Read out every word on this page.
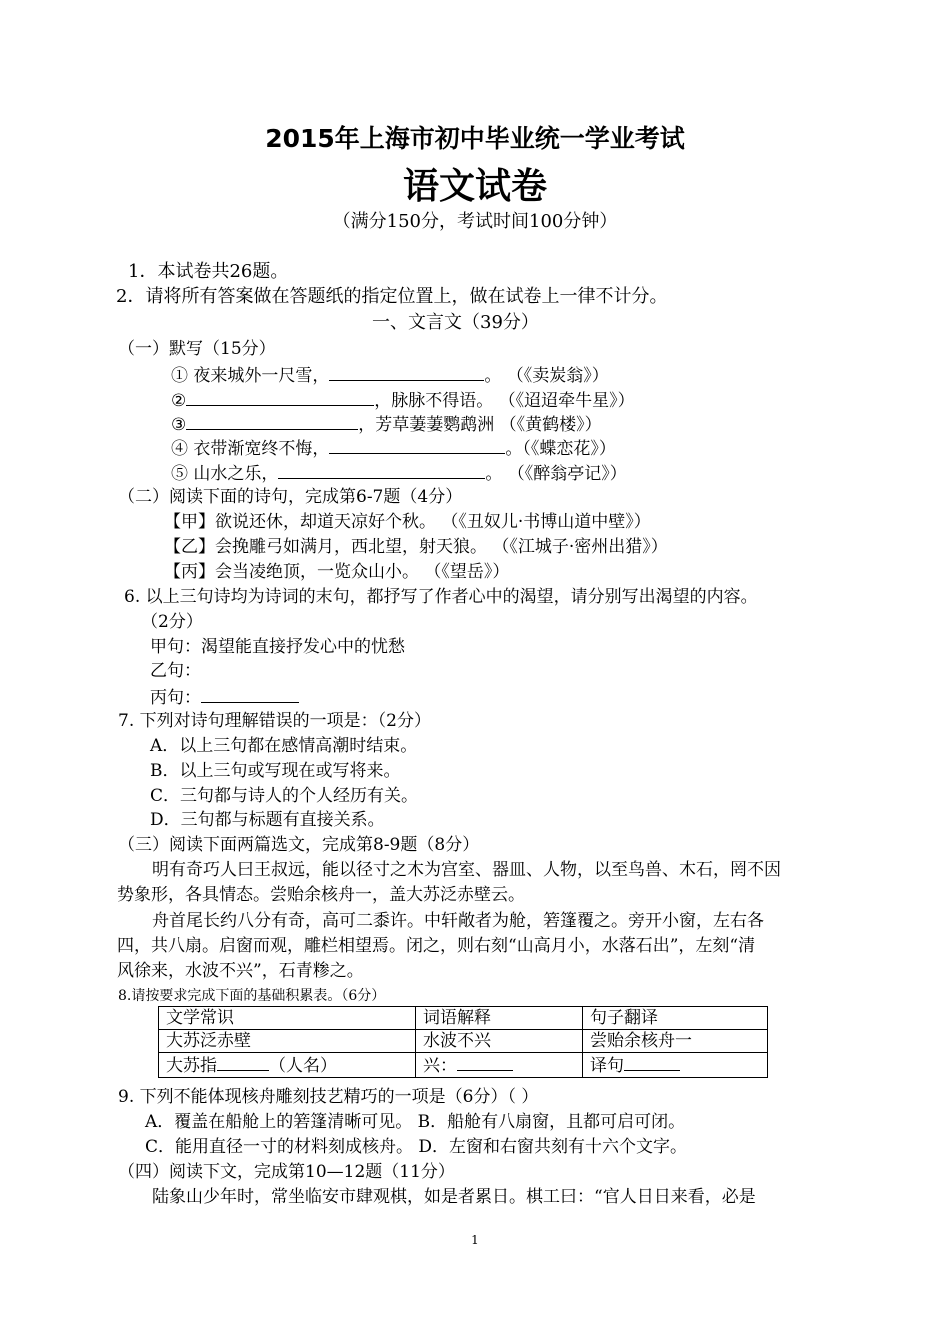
2015年上海市初中毕业统一学业考试
语文试卷
（满分150分，考试时间100分钟）
1．本试卷共26题。
2．请将所有答案做在答题纸的指定位置上，做在试卷上一律不计分。
一、文言文（39分）
（一）默写（15分）
① 夜来城外一尺雪，	。 （《卖炭翁》）
②	，脉脉不得语。 （《迢迢牵牛星》）
③	，芳草萋萋鹦鹉洲 （《黄鹤楼》）
④ 衣带渐宽终不悔，	。（《蝶恋花》）
⑤ 山水之乐，	。 （《醉翁亭记》）
（二）阅读下面的诗句，完成第6-7题（4分）
【甲】欲说还休，却道天凉好个秋。 （《丑奴儿·书博山道中壁》）
【乙】会挽雕弓如满月，西北望，射天狼。 （《江城子·密州出猎》）
【丙】会当凌绝顶，一览众山小。 （《望岳》）
6. 以上三句诗均为诗词的末句，都抒写了作者心中的渴望，请分别写出渴望的内容。
（2分）
甲句：渴望能直接抒发心中的忧愁
乙句：
丙句：
7. 下列对诗句理解错误的一项是：（2分）
A．以上三句都在感情高潮时结束。
B．以上三句或写现在或写将来。
C．三句都与诗人的个人经历有关。
D．三句都与标题有直接关系。
（三）阅读下面两篇选文，完成第8-9题（8分）
明有奇巧人曰王叔远，能以径寸之木为宫室、器皿、人物，以至鸟兽、木石，罔不因
势象形，各具情态。尝贻余核舟一，盖大苏泛赤壁云。
舟首尾长约八分有奇，高可二黍许。中轩敞者为舱，箬篷覆之。旁开小窗，左右各
四，共八扇。启窗而观，雕栏相望焉。闭之，则右刻“山高月小，水落石出”，左刻“清
风徐来，水波不兴”，石青糁之。
8.请按要求完成下面的基础积累表。（6分）
文学常识	词语解释	句子翻译
大苏泛赤壁	水波不兴	尝贻余核舟一
大苏指 （人名）	兴：	译句
9. 下列不能体现核舟雕刻技艺精巧的一项是（6分）（ ）
A．覆盖在船舱上的箬篷清晰可见。 B．船舱有八扇窗，且都可启可闭。
C．能用直径一寸的材料刻成核舟。 D．左窗和右窗共刻有十六个文字。
（四）阅读下文，完成第10—12题（11分）
陆象山少年时，常坐临安市肆观棋，如是者累日。棋工曰：“官人日日来看，必是
1
